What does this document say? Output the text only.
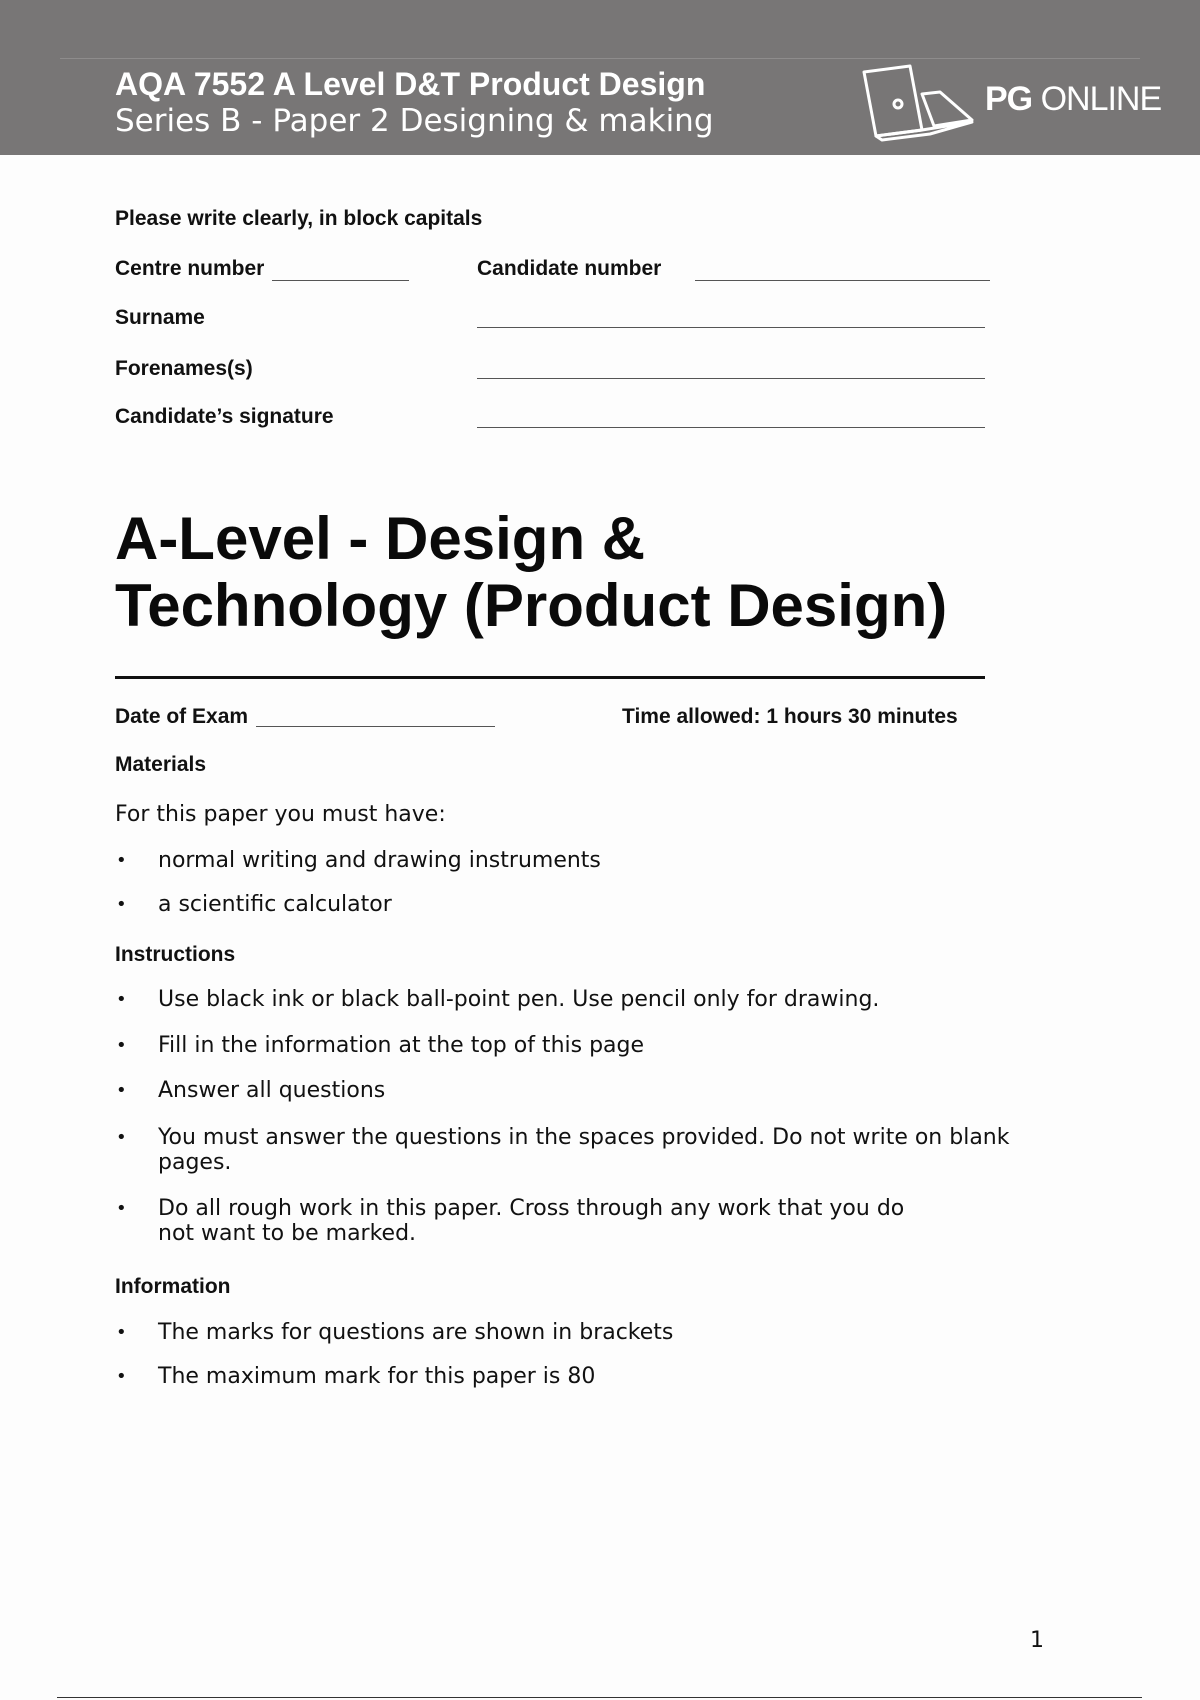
AQA 7552 A Level D&T Product Design
Series B - Paper 2 Designing & making
PG ONLINE
Please write clearly, in block capitals
Centre number	Candidate number
Surname
Forenames(s)
Candidate’s signature
A-Level - Design &
Technology (Product Design)
Date of Exam	Time allowed: 1 hours 30 minutes
Materials
For this paper you must have:
• normal writing and drawing instruments
• a scientific calculator
Instructions
• Use black ink or black ball-point pen. Use pencil only for drawing.
• Fill in the information at the top of this page
• Answer all questions
• You must answer the questions in the spaces provided. Do not write on blank
pages.
• Do all rough work in this paper. Cross through any work that you do
not want to be marked.
Information
• The marks for questions are shown in brackets
• The maximum mark for this paper is 80
1
